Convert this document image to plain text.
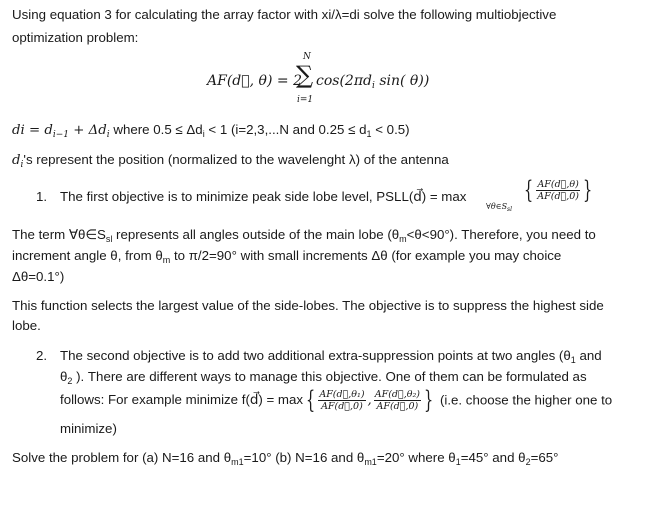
Using equation 3 for calculating the array factor with xi/λ=di solve the following multiobjective
optimization problem:
AF(d⃗, θ) = 2
N
∑
i=1
$\cos(2\pi d_i$ sin( θ))
di = $d_{i-1} + \Delta d_i$ where $0.5 \le \Delta d_i < 1$ (i=2,3,...N and $0.25 \le d_1 < 0.5$)
$d_i's$ represent the position (normalized to the wavelenght λ) of the antenna
1. The first objective is to minimize peak side lobe level, PSLL(d⃗) = max
$\forall\theta\in S_{sl}$
{ $\frac{AF(d⃗,\theta)}{AF(d⃗,0)}$ }
The term $\forall\theta\in S_{sl}$ represents all angles outside of the main lobe $(\theta_m<\theta<90^\circ)$. Therefore, you need to
increment angle θ, from $\theta_m$ to π/2=90° with small increments Δθ (for example you may choice
Δθ=0.1°)
This function selects the largest value of the side-lobes. The objective is to suppress the highest side
lobe.
2. The second objective is to add two additional extra-suppression points at two angles ($\theta_1$ and
$\theta_2$ ). There are different ways to manage this objective. One of them can be formulated as
follows: For example minimize f(d⃗) = max { $\frac{\text{AF(d⃗,θ₁)}}{AF(d⃗,0)}$ , $\frac{\text{AF(d⃗,θ₂)}}{AF(d⃗,0)}$ } (i.e. choose the higher one to
minimize)
Solve the problem for (a) N=16 and $\theta_{m1}=10^\circ$ (b) N=16 and $\theta_{m1}=20^\circ$ where $\theta_1=45^\circ$ and $\theta_2=65^\circ$
